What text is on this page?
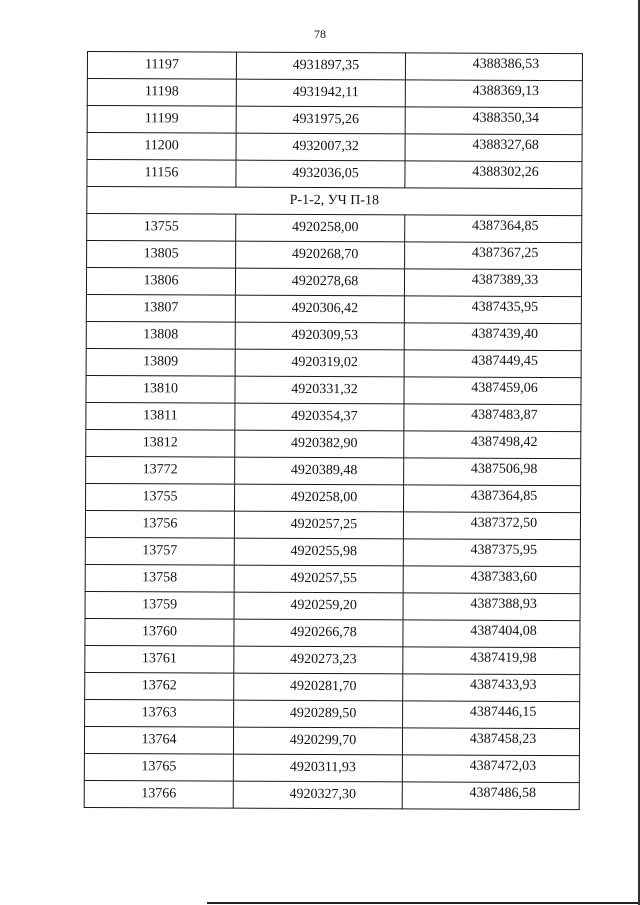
78
11197	4931897,35	4388386,53
11198	4931942,11	4388369,13
11199	4931975,26	4388350,34
11200	4932007,32	4388327,68
11156	4932036,05	4388302,26
Р-1-2, УЧ П-18		
13755	4920258,00	4387364,85
13805	4920268,70	4387367,25
13806	4920278,68	4387389,33
13807	4920306,42	4387435,95
13808	4920309,53	4387439,40
13809	4920319,02	4387449,45
13810	4920331,32	4387459,06
13811	4920354,37	4387483,87
13812	4920382,90	4387498,42
13772	4920389,48	4387506,98
13755	4920258,00	4387364,85
13756	4920257,25	4387372,50
13757	4920255,98	4387375,95
13758	4920257,55	4387383,60
13759	4920259,20	4387388,93
13760	4920266,78	4387404,08
13761	4920273,23	4387419,98
13762	4920281,70	4387433,93
13763	4920289,50	4387446,15
13764	4920299,70	4387458,23
13765	4920311,93	4387472,03
13766	4920327,30	4387486,58
